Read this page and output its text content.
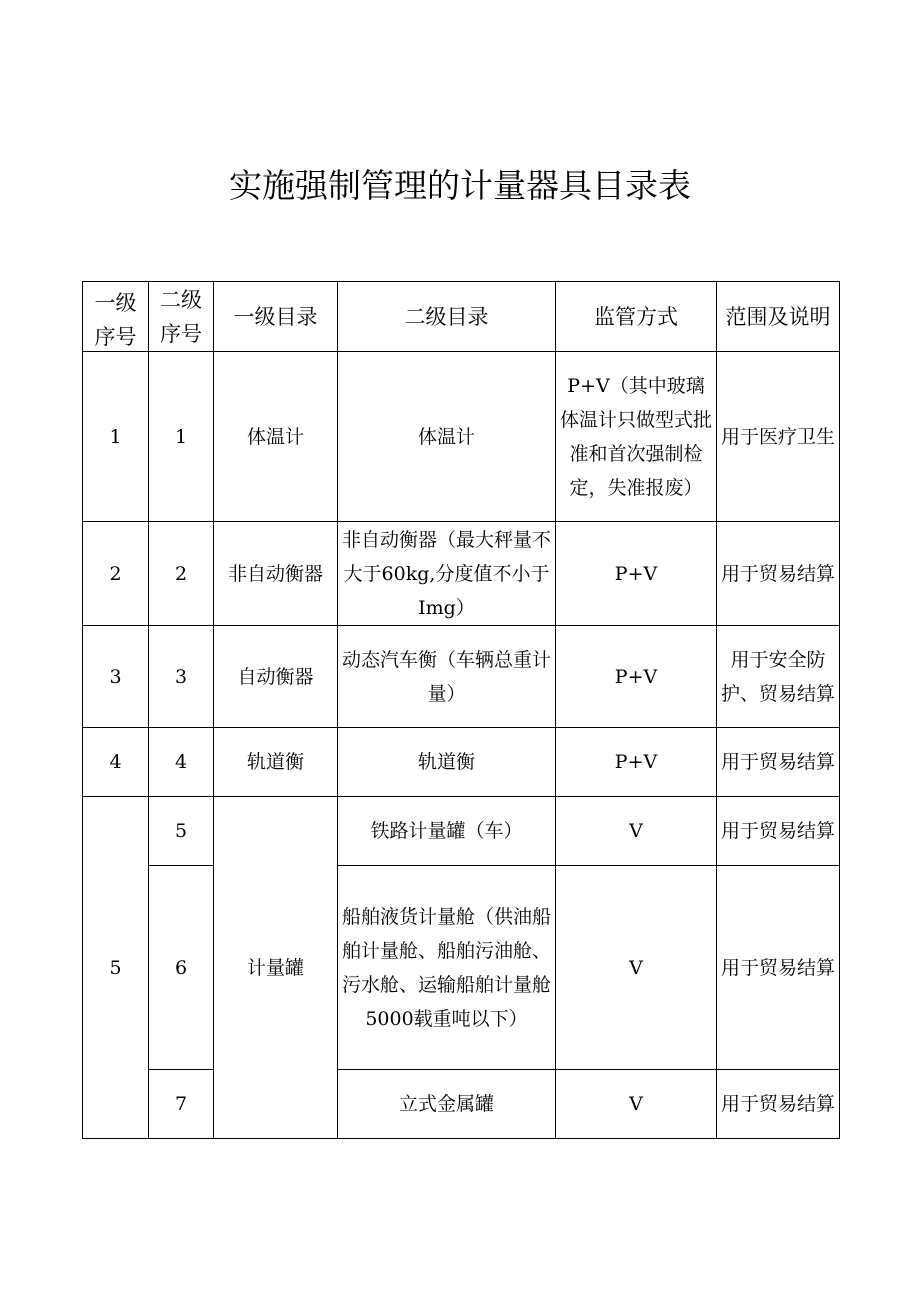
实施强制管理的计量器具目录表
一级序号	二级序号	一级目录	二级目录	监管方式	范围及说明
1	1	体温计	体温计	P+V（其中玻璃体温计只做型式批准和首次强制检定，失准报废）	用于医疗卫生
2	2	非自动衡器	非自动衡器（最大秤量不大于60kg,分度值不小于Img）	P+V	用于贸易结算
3	3	自动衡器	动态汽车衡（车辆总重计量）	P+V	用于安全防护、贸易结算
4	4	轨道衡	轨道衡	P+V	用于贸易结算
5	5	计量罐	铁路计量罐（车）	V	用于贸易结算
	6		船舶液货计量舱（供油船舶计量舱、船舶污油舱、污水舱、运输船舶计量舱5000载重吨以下）	V	用于贸易结算
	7		立式金属罐	V	用于贸易结算
